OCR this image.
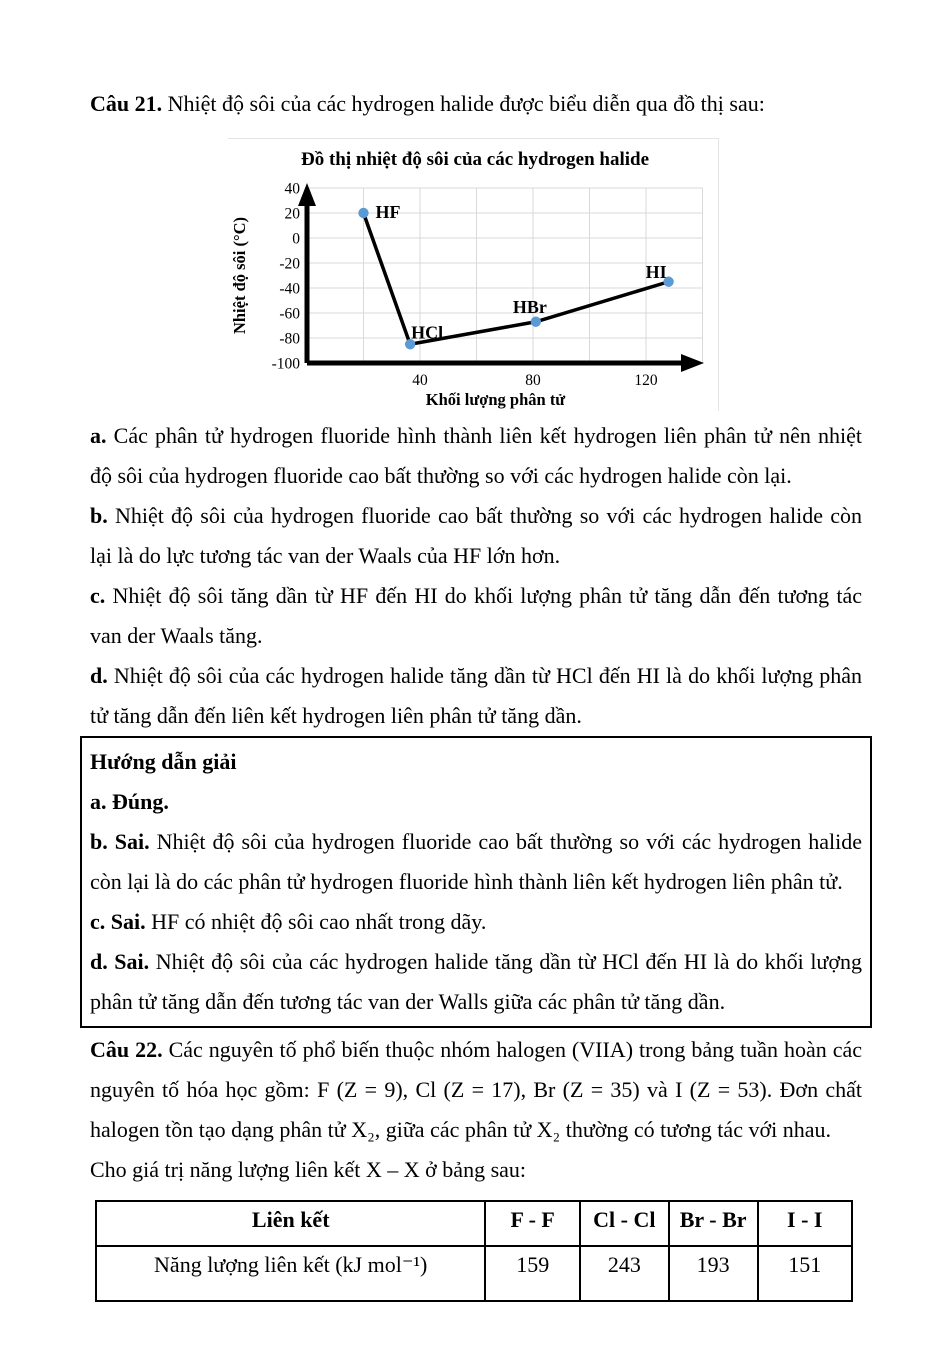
Câu 21. Nhiệt độ sôi của các hydrogen halide được biểu diễn qua đồ thị sau:
40
20
0
-20
-40
-60
-80
-100
40	80	120
HF
HCl
HBr
HI
Đồ thị nhiệt độ sôi của các hydrogen halide
Khối lượng phân tử
Nhiệt độ sôi (°C)
a. Các phân tử hydrogen fluoride hình thành liên kết hydrogen liên phân tử nên nhiệt
độ sôi của hydrogen fluoride cao bất thường so với các hydrogen halide còn lại.
b. Nhiệt độ sôi của hydrogen fluoride cao bất thường so với các hydrogen halide còn
lại là do lực tương tác van der Waals của HF lớn hơn.
c. Nhiệt độ sôi tăng dần từ HF đến HI do khối lượng phân tử tăng dẫn đến tương tác
van der Waals tăng.
d. Nhiệt độ sôi của các hydrogen halide tăng dần từ HCl đến HI là do khối lượng phân
tử tăng dẫn đến liên kết hydrogen liên phân tử tăng dần.
Hướng dẫn giải
a. Đúng.
b. Sai. Nhiệt độ sôi của hydrogen fluoride cao bất thường so với các hydrogen halide
còn lại là do các phân tử hydrogen fluoride hình thành liên kết hydrogen liên phân tử.
c. Sai. HF có nhiệt độ sôi cao nhất trong dãy.
d. Sai. Nhiệt độ sôi của các hydrogen halide tăng dần từ HCl đến HI là do khối lượng
phân tử tăng dẫn đến tương tác van der Walls giữa các phân tử tăng dần.
Câu 22. Các nguyên tố phổ biến thuộc nhóm halogen (VIIA) trong bảng tuần hoàn các
nguyên tố hóa học gồm: F (Z = 9), Cl (Z = 17), Br (Z = 35) và I (Z = 53). Đơn chất
halogen tồn tạo dạng phân tử X₂, giữa các phân tử X₂ thường có tương tác với nhau.
Cho giá trị năng lượng liên kết X – X ở bảng sau:
Liên kết	F - F	Cl - Cl	Br - Br	I - I
Năng lượng liên kết (kJ mol⁻¹)	159	243	193	151
